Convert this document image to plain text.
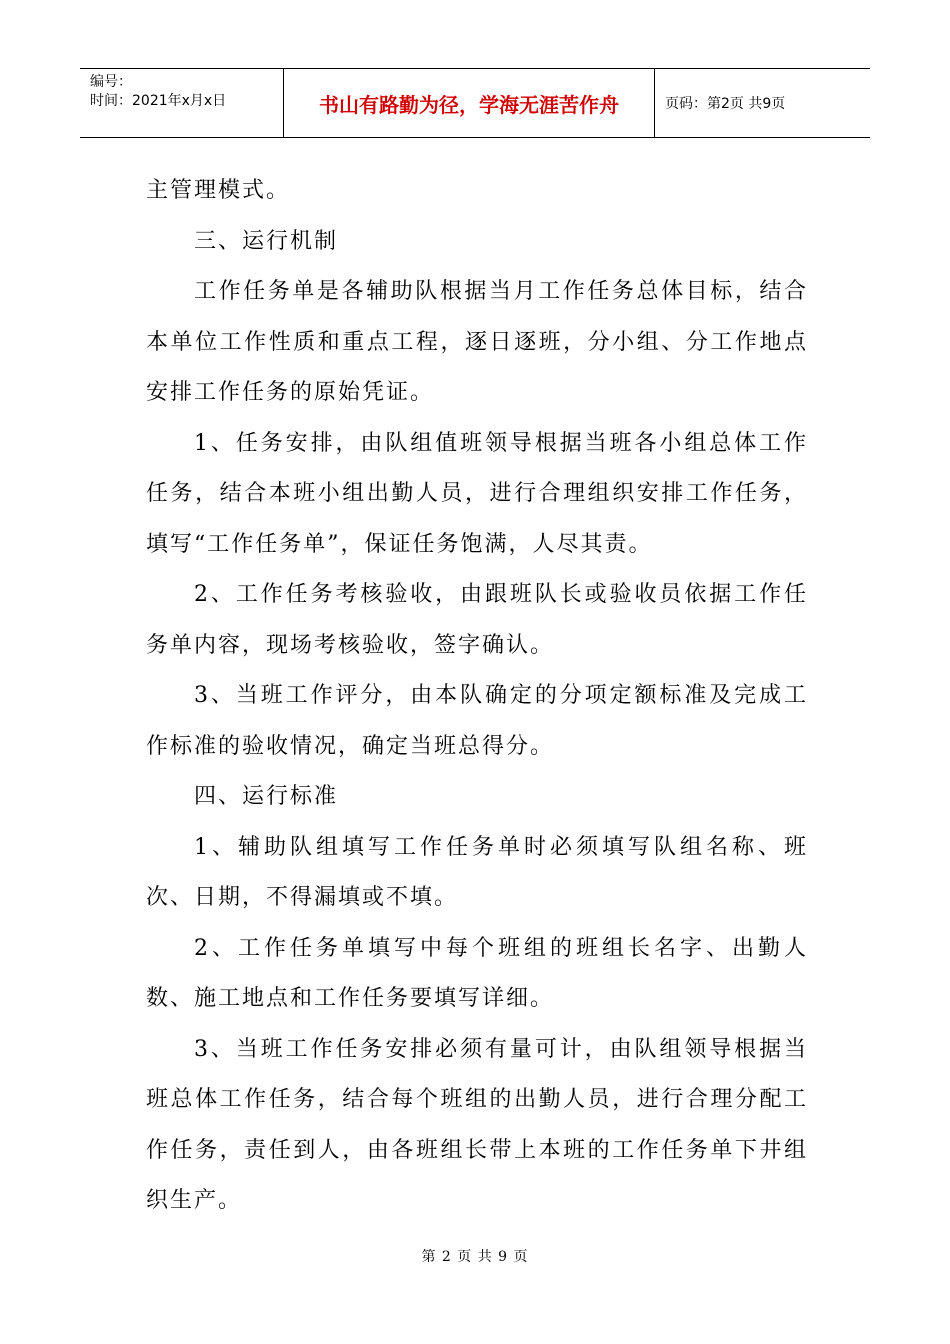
编号：
时间：2021年x月x日	书山有路勤为径，学海无涯苦作舟	页码：第2页 共9页

主管理模式。

三、运行机制

工作任务单是各辅助队根据当月工作任务总体目标，结合本单位工作性质和重点工程，逐日逐班，分小组、分工作地点安排工作任务的原始凭证。

1、任务安排，由队组值班领导根据当班各小组总体工作任务，结合本班小组出勤人员，进行合理组织安排工作任务，填写“工作任务单”，保证任务饱满，人尽其责。

2、工作任务考核验收，由跟班队长或验收员依据工作任务单内容，现场考核验收，签字确认。

3、当班工作评分，由本队确定的分项定额标准及完成工作标准的验收情况，确定当班总得分。

四、运行标准

1、辅助队组填写工作任务单时必须填写队组名称、班次、日期，不得漏填或不填。

2、工作任务单填写中每个班组的班组长名字、出勤人数、施工地点和工作任务要填写详细。

3、当班工作任务安排必须有量可计，由队组领导根据当班总体工作任务，结合每个班组的出勤人员，进行合理分配工作任务，责任到人，由各班组长带上本班的工作任务单下井组织生产。

第 2 页 共 9 页
